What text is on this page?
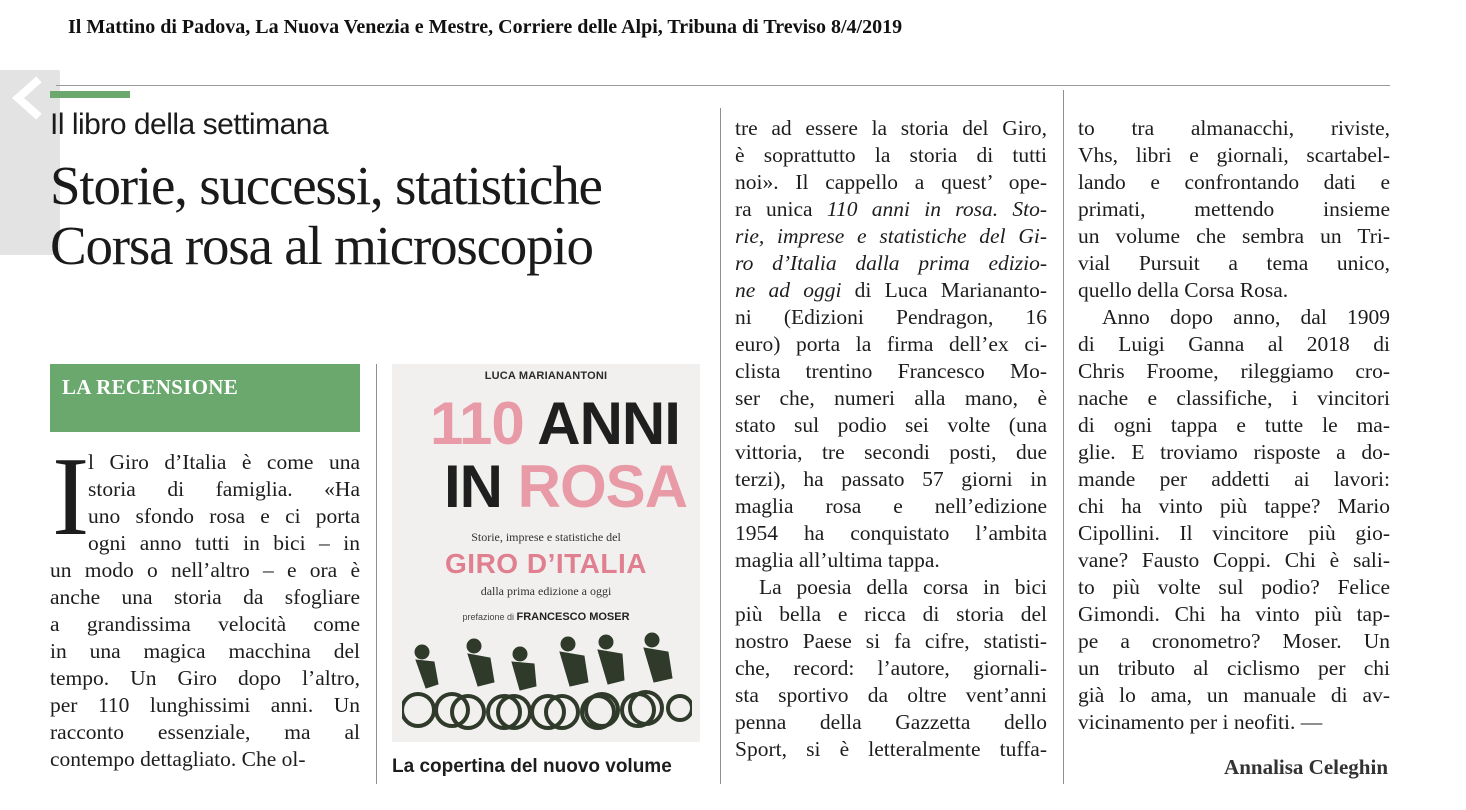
Il Mattino di Padova, La Nuova Venezia e Mestre, Corriere delle Alpi, Tribuna di Treviso 8/4/2019
Il libro della settimana
Storie, successi, statistiche
Corsa rosa al microscopio
LA RECENSIONE
I
l Giro d’Italia è come una
storia di famiglia. «Ha
uno sfondo rosa e ci porta
ogni anno tutti in bici – in
un modo o nell’altro – e ora è
anche una storia da sfogliare
a grandissima velocità come
in una magica macchina del
tempo. Un Giro dopo l’altro,
per 110 lunghissimi anni. Un
racconto essenziale, ma al
contempo dettagliato. Che ol-
LUCA MARIANANTONI
110 ANNI
IN ROSA
Storie, imprese e statistiche del
GIRO D’ITALIA
dalla prima edizione a oggi
prefazione di FRANCESCO MOSER
La copertina del nuovo volume
tre ad essere la storia del Giro,
è soprattutto la storia di tutti
noi». Il cappello a quest’ ope-
ra unica 110 anni in rosa. Sto-
rie, imprese e statistiche del Gi-
ro d’Italia dalla prima edizio-
ne ad oggi di Luca Mariananto-
ni (Edizioni Pendragon, 16
euro) porta la firma dell’ex ci-
clista trentino Francesco Mo-
ser che, numeri alla mano, è
stato sul podio sei volte (una
vittoria, tre secondi posti, due
terzi), ha passato 57 giorni in
maglia rosa e nell’edizione
1954 ha conquistato l’ambita
maglia all’ultima tappa.
La poesia della corsa in bici
più bella e ricca di storia del
nostro Paese si fa cifre, statisti-
che, record: l’autore, giornali-
sta sportivo da oltre vent’anni
penna della Gazzetta dello
Sport, si è letteralmente tuffa-
to tra almanacchi, riviste,
Vhs, libri e giornali, scartabel-
lando e confrontando dati e
primati, mettendo insieme
un volume che sembra un Tri-
vial Pursuit a tema unico,
quello della Corsa Rosa.
Anno dopo anno, dal 1909
di Luigi Ganna al 2018 di
Chris Froome, rileggiamo cro-
nache e classifiche, i vincitori
di ogni tappa e tutte le ma-
glie. E troviamo risposte a do-
mande per addetti ai lavori:
chi ha vinto più tappe? Mario
Cipollini. Il vincitore più gio-
vane? Fausto Coppi. Chi è sali-
to più volte sul podio? Felice
Gimondi. Chi ha vinto più tap-
pe a cronometro? Moser. Un
un tributo al ciclismo per chi
già lo ama, un manuale di av-
vicinamento per i neofiti. —
Annalisa Celeghin
